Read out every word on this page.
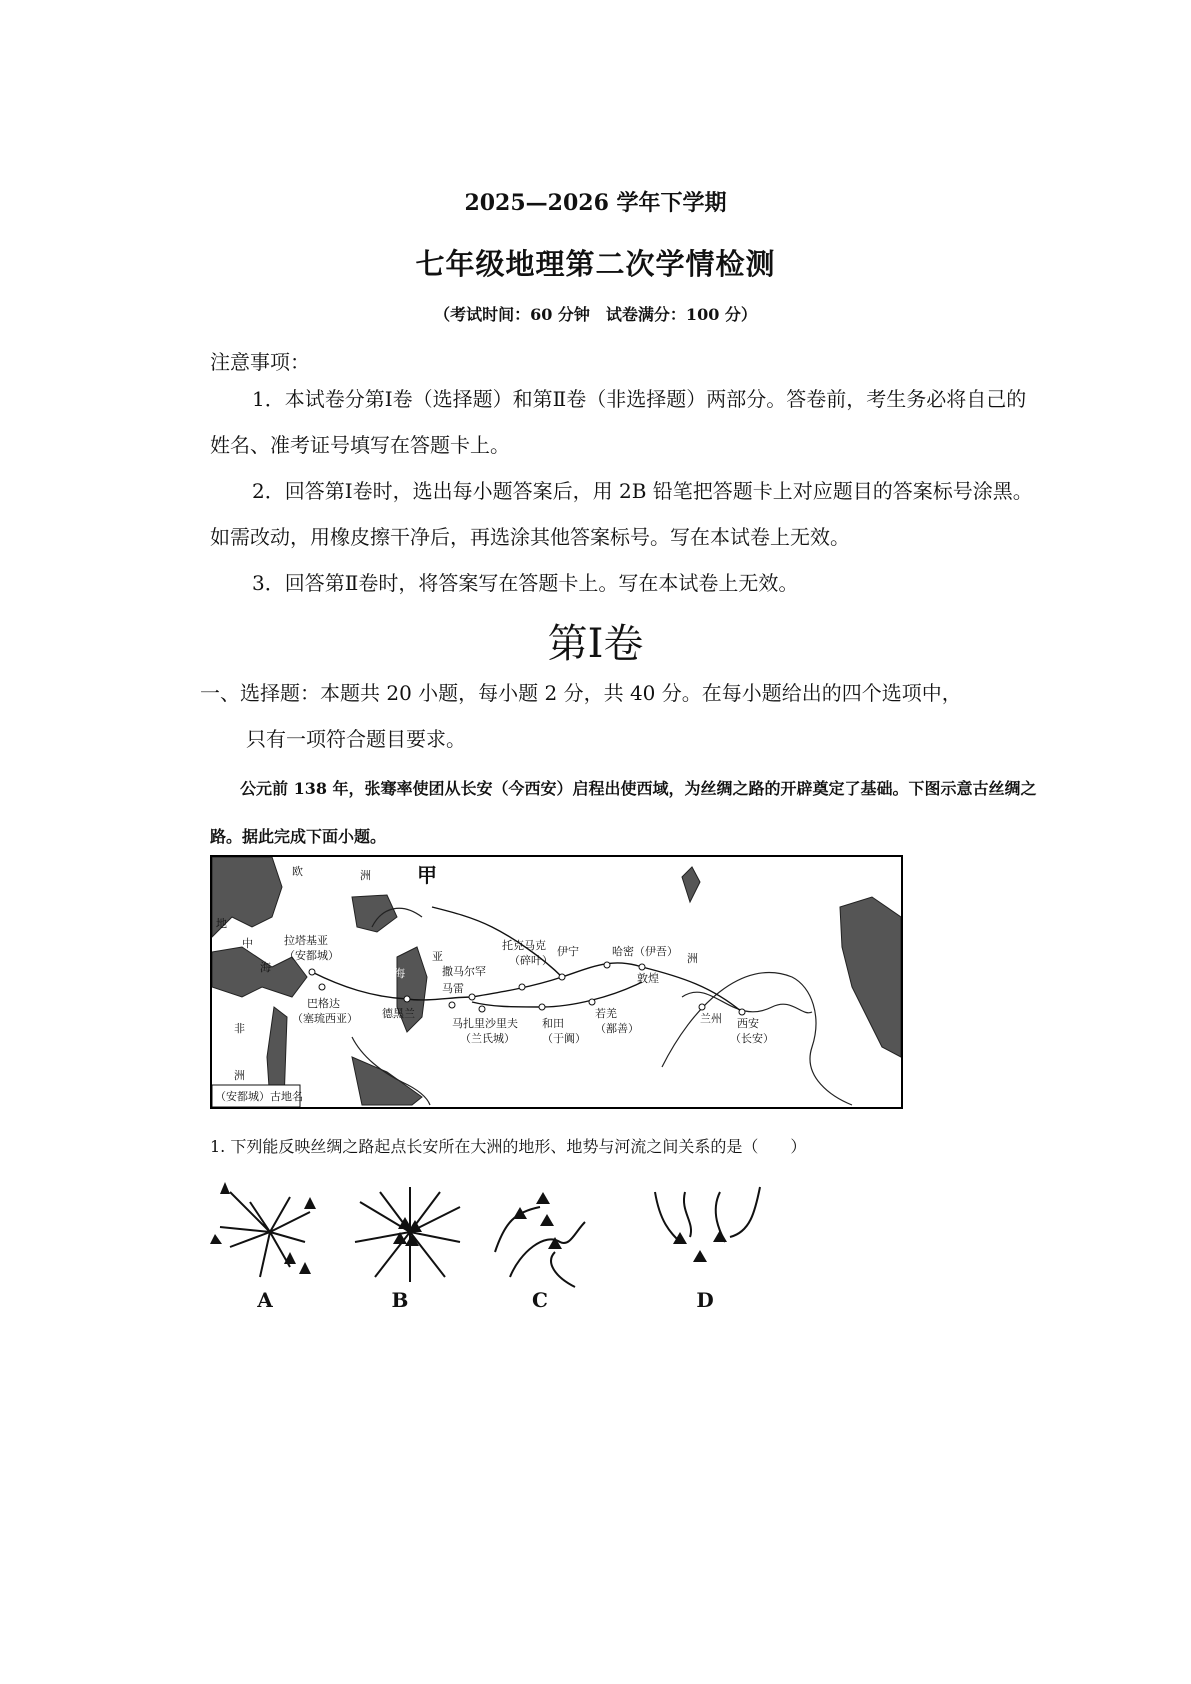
2025—2026 学年下学期
七年级地理第二次学情检测
（考试时间：60 分钟　试卷满分：100 分）
注意事项：

1．本试卷分第Ⅰ卷（选择题）和第Ⅱ卷（非选择题）两部分。答卷前，考生务必将自己的姓名、准考证号填写在答题卡上。

2．回答第Ⅰ卷时，选出每小题答案后，用 2B 铅笔把答题卡上对应题目的答案标号涂黑。如需改动，用橡皮擦干净后，再选涂其他答案标号。写在本试卷上无效。

3．回答第Ⅱ卷时，将答案写在答题卡上。写在本试卷上无效。

第Ⅰ卷

一、选择题：本题共 20 小题，每小题 2 分，共 40 分。在每小题给出的四个选项中，

只有一项符合题目要求。

公元前 138 年，张骞率使团从长安（今西安）启程出使西域，为丝绸之路的开辟奠定了基础。下图示意古丝绸之路。据此完成下面小题。

欧	洲 甲
地
中
海
黑
海
里
海
亚	洲
非
洲
拉塔基亚
（安都城）
巴格达
（塞琉西亚） 德黑兰
撒马尔罕
马雷
马扎里沙里夫
（兰氏城）
托克马克
（碎叶）
伊宁	哈密（伊吾）
敦煌
若羌
（鄯善）
和田
（于阗）
兰州 西安
（长安）
（安都城）古地名
1. 下列能反映丝绸之路起点长安所在大洲的地形、地势与河流之间关系的是（　　）
A	B	C	D
